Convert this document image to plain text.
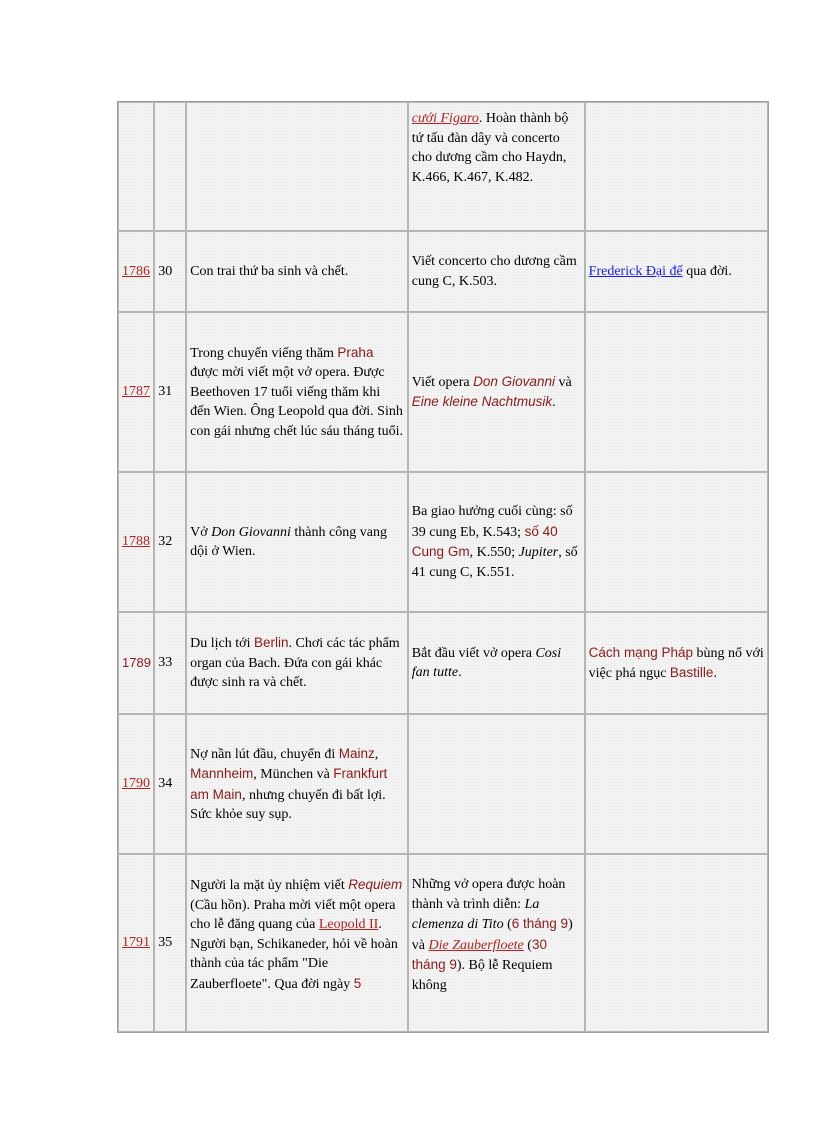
			cưới Figaro. Hoàn thành bộ tứ tấu đàn dây và concerto cho dương cầm cho Haydn, K.466, K.467, K.482.	
1786	30	Con trai thứ ba sinh và chết.	Viết concerto cho dương cầm cung C, K.503.	Frederick Đại đế qua đời.
1787	31	Trong chuyến viếng thăm Praha được mời viết một vở opera. Được Beethoven 17 tuổi viếng thăm khi đến Wien. Ông Leopold qua đời. Sinh con gái nhưng chết lúc sáu tháng tuổi.	Viết opera Don Giovanni và Eine kleine Nachtmusik.	
1788	32	Vở Don Giovanni thành công vang dội ở Wien.	Ba giao hưởng cuối cùng: số 39 cung Eb, K.543; số 40 Cung Gm, K.550; Jupiter, số 41 cung C, K.551.	
1789	33	Du lịch tới Berlin. Chơi các tác phẩm organ của Bach. Đứa con gái khác được sinh ra và chết.	Bắt đầu viết vở opera Cosi fan tutte.	Cách mạng Pháp bùng nổ với việc phá ngục Bastille.
1790	34	Nợ nần lút đầu, chuyển đi Mainz, Mannheim, München và Frankfurt am Main, nhưng chuyến đi bất lợi. Sức khỏe suy sụp.		
1791	35	Người la mặt ủy nhiệm viết Requiem (Cầu hồn). Praha mời viết một opera cho lễ đăng quang của Leopold II. Người bạn, Schikaneder, hỏi về hoàn thành của tác phẩm "Die Zauberfloete". Qua đời ngày 5	Những vở opera được hoàn thành và trình diễn: La clemenza di Tito (6 tháng 9) và Die Zauberfloete (30 tháng 9). Bộ lễ Requiem không	
